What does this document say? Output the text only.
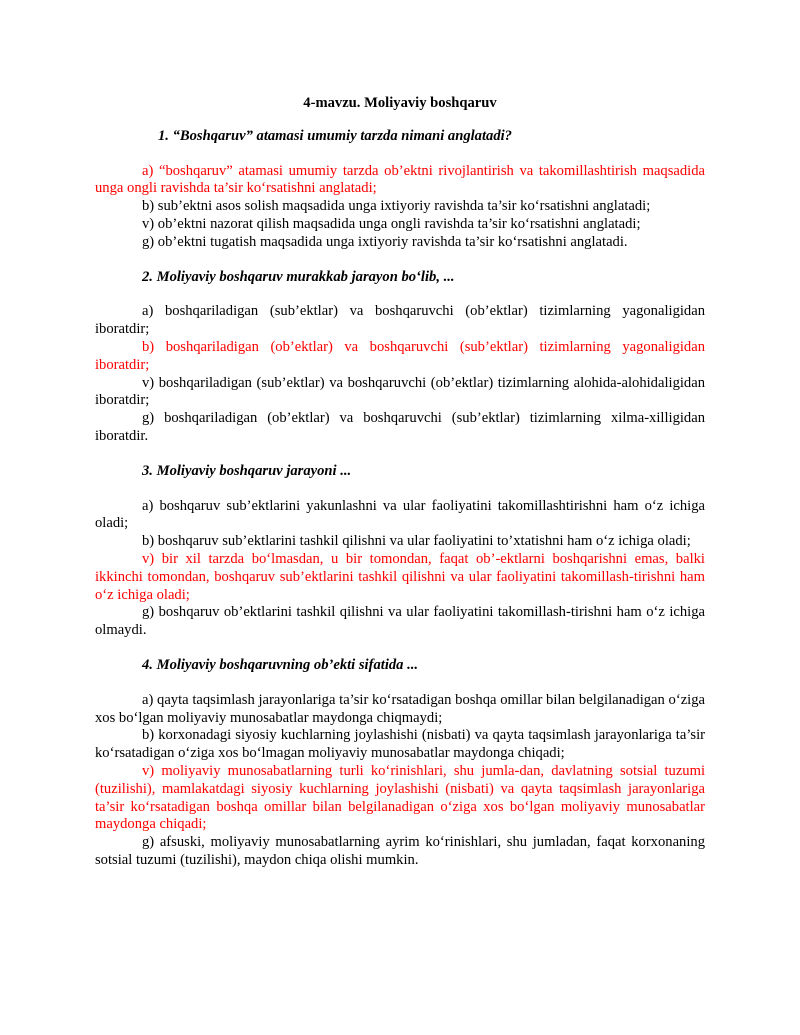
4-mavzu. Moliyaviy boshqaruv

1. “Boshqaruv” atamasi umumiy tarzda nimani anglatadi?

a) “boshqaruv” atamasi umumiy tarzda ob’ektni rivojlantirish va takomillashtirish maqsadida unga ongli ravishda ta’sir ko‘rsatishni anglatadi;

b) sub’ektni asos solish maqsadida unga ixtiyoriy ravishda ta’sir ko‘rsatishni anglatadi;

v) ob’ektni nazorat qilish maqsadida unga ongli ravishda ta’sir ko‘rsatishni anglatadi;

g) ob’ektni tugatish maqsadida unga ixtiyoriy ravishda ta’sir ko‘rsatishni anglatadi.

2. Moliyaviy boshqaruv murakkab jarayon bo‘lib, ...

a) boshqariladigan (sub’ektlar) va boshqaruvchi (ob’ektlar) tizimlarning yagonaligidan iboratdir;

b) boshqariladigan (ob’ektlar) va boshqaruvchi (sub’ektlar) tizimlarning yagonaligidan iboratdir;

v) boshqariladigan (sub’ektlar) va boshqaruvchi (ob’ektlar) tizimlarning alohida-alohidaligidan iboratdir;

g) boshqariladigan (ob’ektlar) va boshqaruvchi (sub’ektlar) tizimlarning xilma-xilligidan iboratdir.

3. Moliyaviy boshqaruv jarayoni ...

a) boshqaruv sub’ektlarini yakunlashni va ular faoliyatini takomillashtirishni ham o‘z ichiga oladi;

b) boshqaruv sub’ektlarini tashkil qilishni va ular faoliyatini to’xtatishni ham o‘z ichiga oladi;

v) bir xil tarzda bo‘lmasdan, u bir tomondan, faqat ob’-ektlarni boshqarishni emas, balki ikkinchi tomondan, boshqaruv sub’ektlarini tashkil qilishni va ular faoliyatini takomillash-tirishni ham o‘z ichiga oladi;

g) boshqaruv ob’ektlarini tashkil qilishni va ular faoliyatini takomillash-tirishni ham o‘z ichiga olmaydi.

4. Moliyaviy boshqaruvning ob’ekti sifatida ...

a) qayta taqsimlash jarayonlariga ta’sir ko‘rsatadigan boshqa omillar bilan belgilanadigan o‘ziga xos bo‘lgan moliyaviy munosabatlar maydonga chiqmaydi;

b) korxonadagi siyosiy kuchlarning joylashishi (nisbati) va qayta taqsimlash jarayonlariga ta’sir ko‘rsatadigan o‘ziga xos bo‘lmagan moliyaviy munosabatlar maydonga chiqadi;

v) moliyaviy munosabatlarning turli ko‘rinishlari, shu jumla-dan, davlatning sotsial tuzumi (tuzilishi), mamlakatdagi siyosiy kuchlarning joylashishi (nisbati) va qayta taqsimlash jarayonlariga ta’sir ko‘rsatadigan boshqa omillar bilan belgilanadigan o‘ziga xos bo‘lgan moliyaviy munosabatlar maydonga chiqadi;

g) afsuski, moliyaviy munosabatlarning ayrim ko‘rinishlari, shu jumladan, faqat korxonaning sotsial tuzumi (tuzilishi), maydon chiqa olishi mumkin.
